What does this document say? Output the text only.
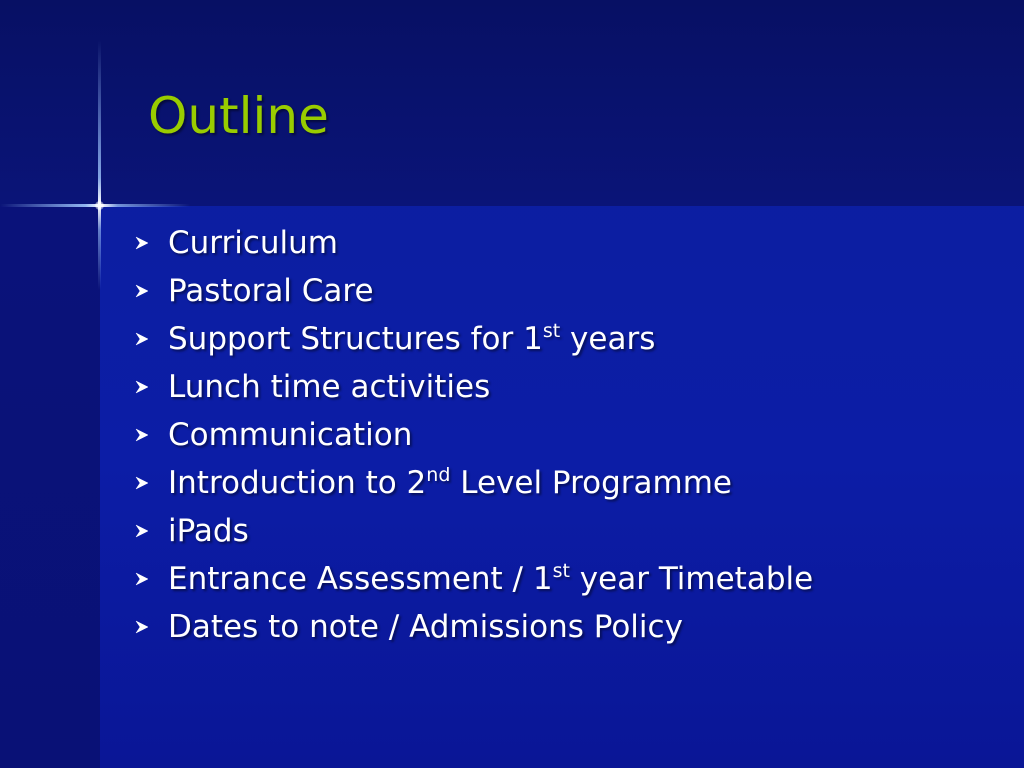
Outline
Curriculum
Pastoral Care
Support Structures for 1st years
Lunch time activities
Communication
Introduction to 2nd Level Programme
iPads
Entrance Assessment / 1st year Timetable
Dates to note / Admissions Policy
